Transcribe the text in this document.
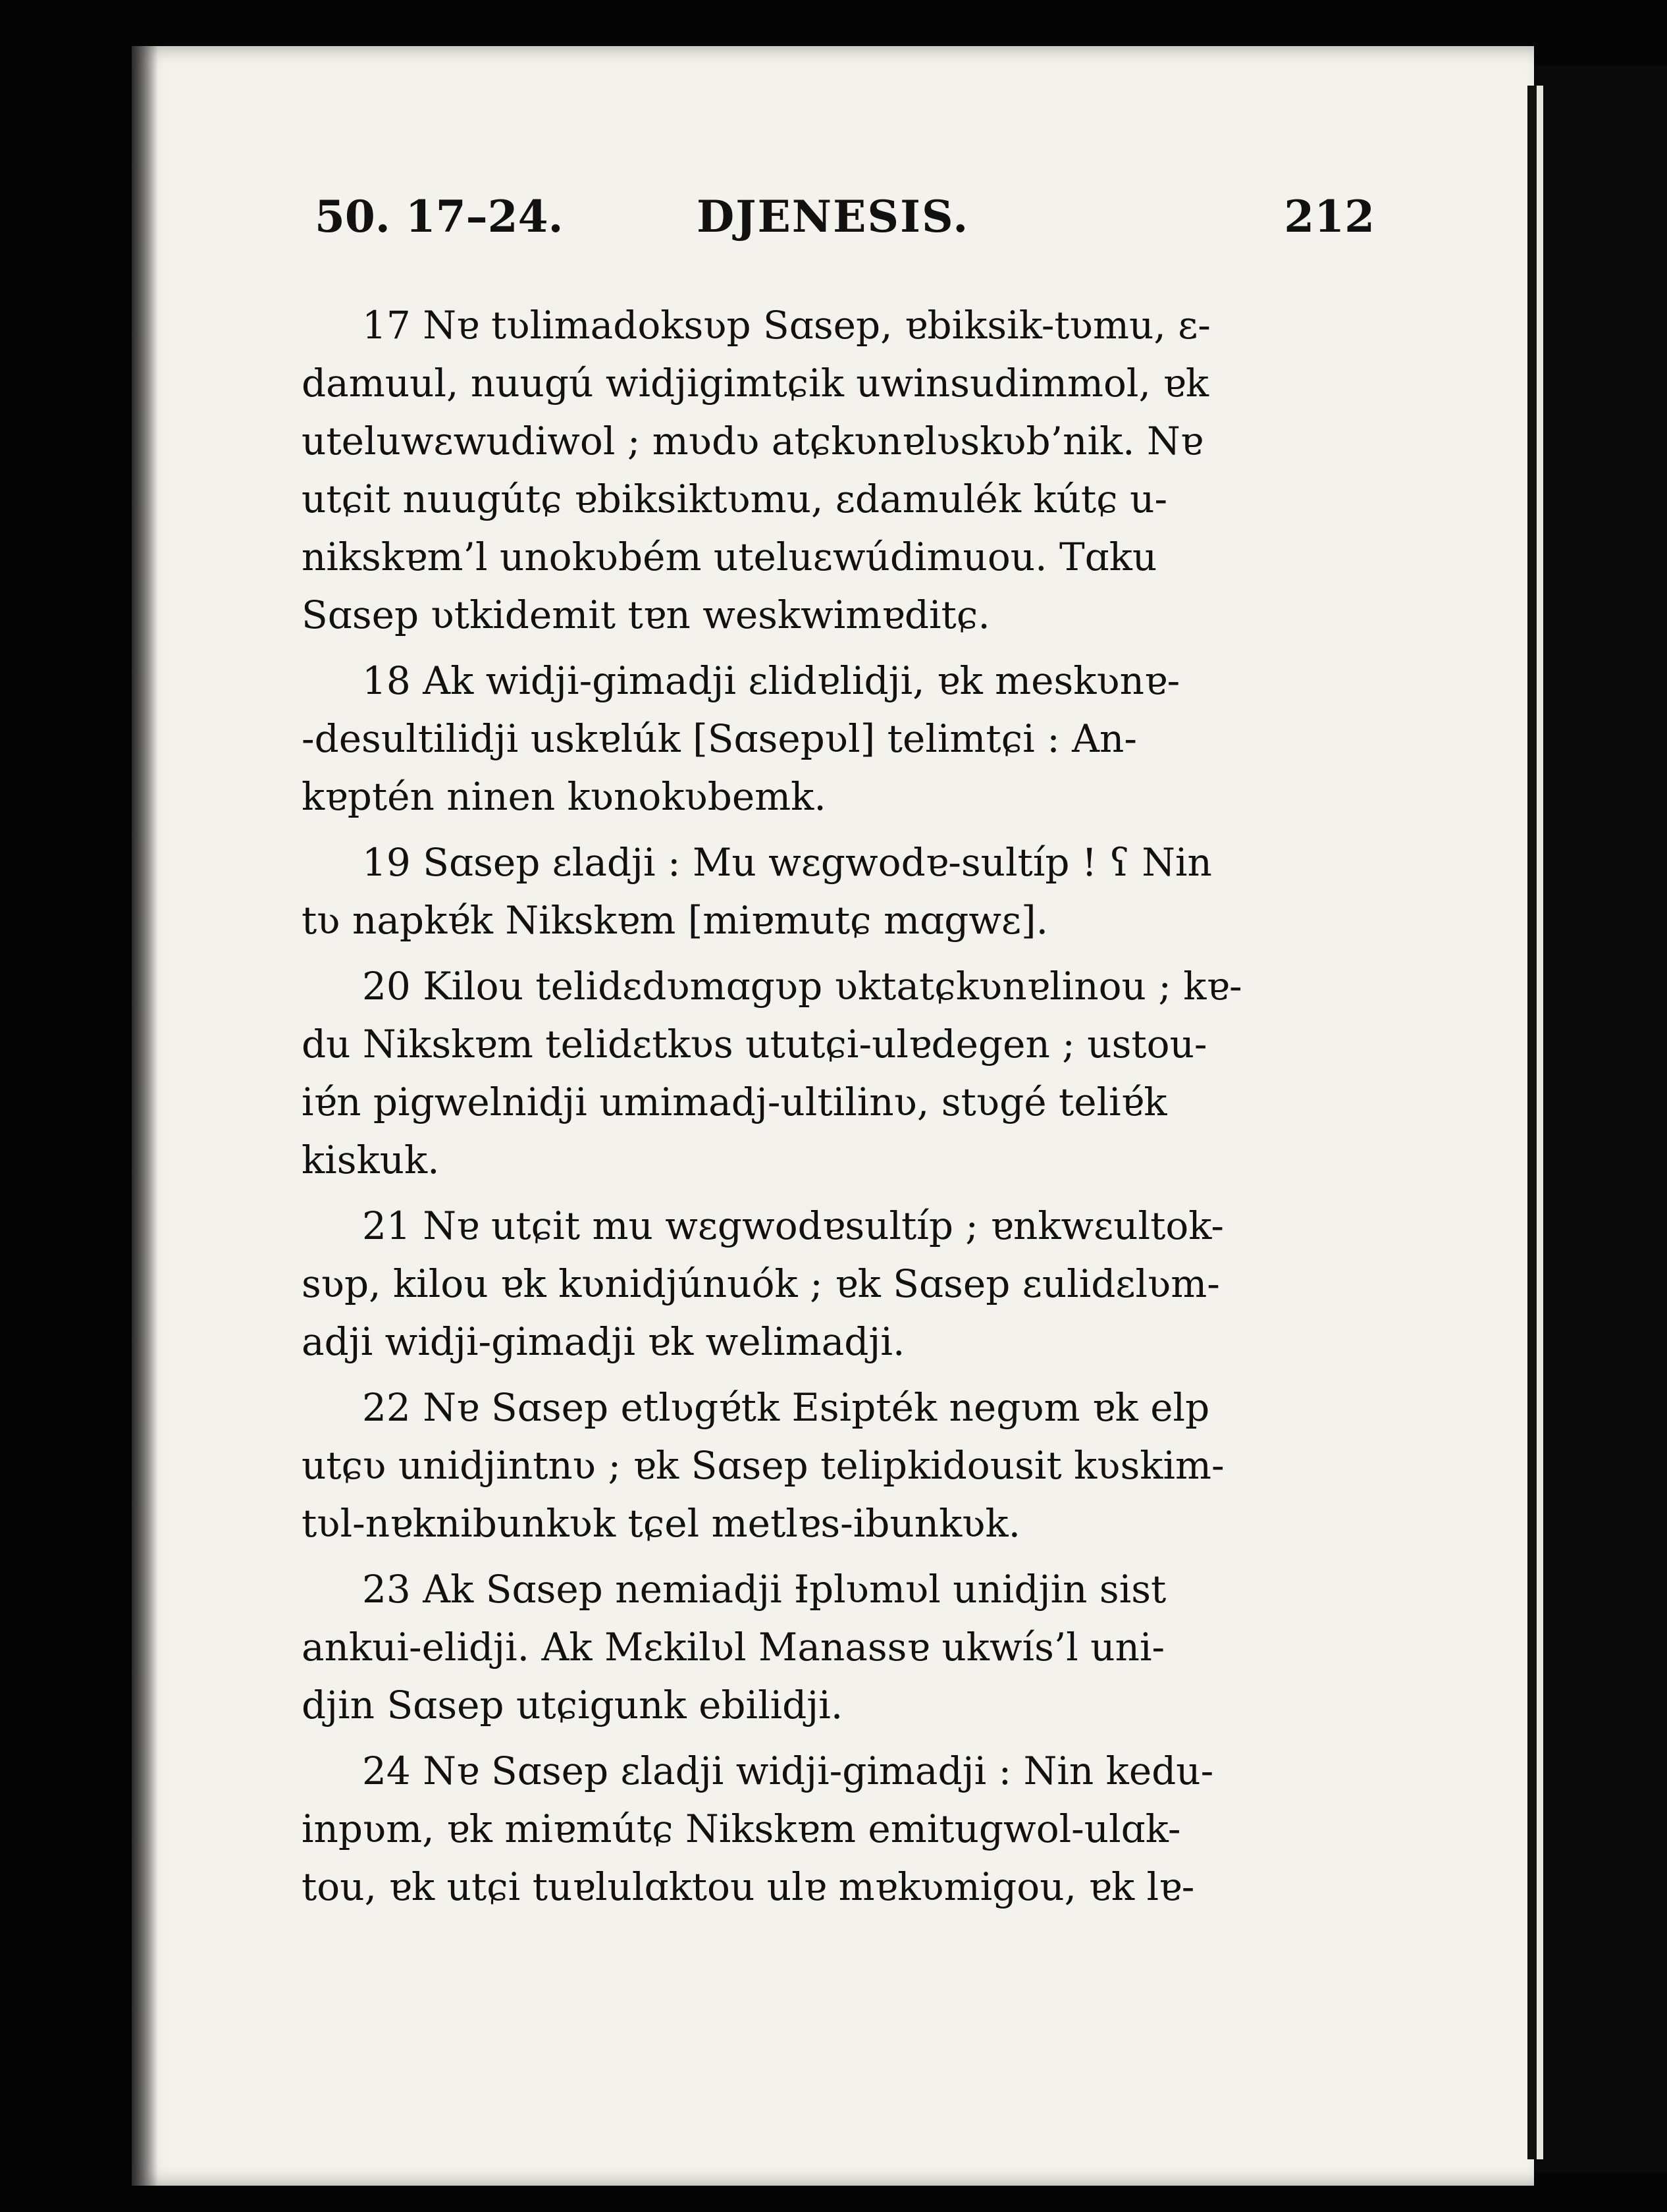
50. 17–24.	DJENESIS.	212

17 Nɐ tʋlimadoksʋp Sɑsep, ɐbiksik-tʋmu, ɛ-
damuul, nuugú widjigimtɕik uwinsudimmol, ɐk
uteluwɛwudiwol ; mʋdʋ atɕkʋnɐlʋskʋb’nik. Nɐ
utɕit nuugútɕ ɐbiksiktʋmu, ɛdamulék kútɕ u-
nikskɐm’l unokʋbém uteluɛwúdimuou. Tɑku
Sɑsep ʋtkidemit tɐn weskwimɐditɕ.

18 Ak widji-gimadji ɛlidɐlidji, ɐk meskʋnɐ-
-desultilidji uskɐlúk [Sɑsepʋl] telimtɕi : An-
kɐptén ninen kʋnokʋbemk.

19 Sɑsep ɛladji : Mu wɛgwodɐ-sultíp ! ʕ Nin
tʋ napkɐ́k Nikskɐm [miɐmutɕ mɑgwɛ].

20 Kilou telidɛdʋmɑgʋp ʋktatɕkʋnɐlinou ; kɐ-
du Nikskɐm telidɛtkʋs ututɕi-ulɐdegen ; ustou-
iɐ́n pigwelnidji umimadj-ultilinʋ, stʋgé teliɐ́k
kiskuk.

21 Nɐ utɕit mu wɛgwodɐsultíp ; ɐnkwɛultok-
sʋp, kilou ɐk kʋnidjúnuók ; ɐk Sɑsep ɛulidɛlʋm-
adji widji-gimadji ɐk welimadji.

22 Nɐ Sɑsep etlʋgɐ́tk Esipték negʋm ɐk elp
utɕʋ unidjintnʋ ; ɐk Sɑsep telipkidousit kʋskim-
tʋl-nɐknibunkʋk tɕel metlɐs-ibunkʋk.

23 Ak Sɑsep nemiadji Ɨplʋmʋl unidjin sist
ankui-elidji. Ak Mɛkilʋl Manassɐ ukwís’l uni-
djin Sɑsep utɕigunk ebilidji.

24 Nɐ Sɑsep ɛladji widji-gimadji : Nin kedu-
inpʋm, ɐk miɐmútɕ Nikskɐm emitugwol-ulɑk-
tou, ɐk utɕi tuɐlulɑktou ulɐ mɐkʋmigou, ɐk lɐ-
